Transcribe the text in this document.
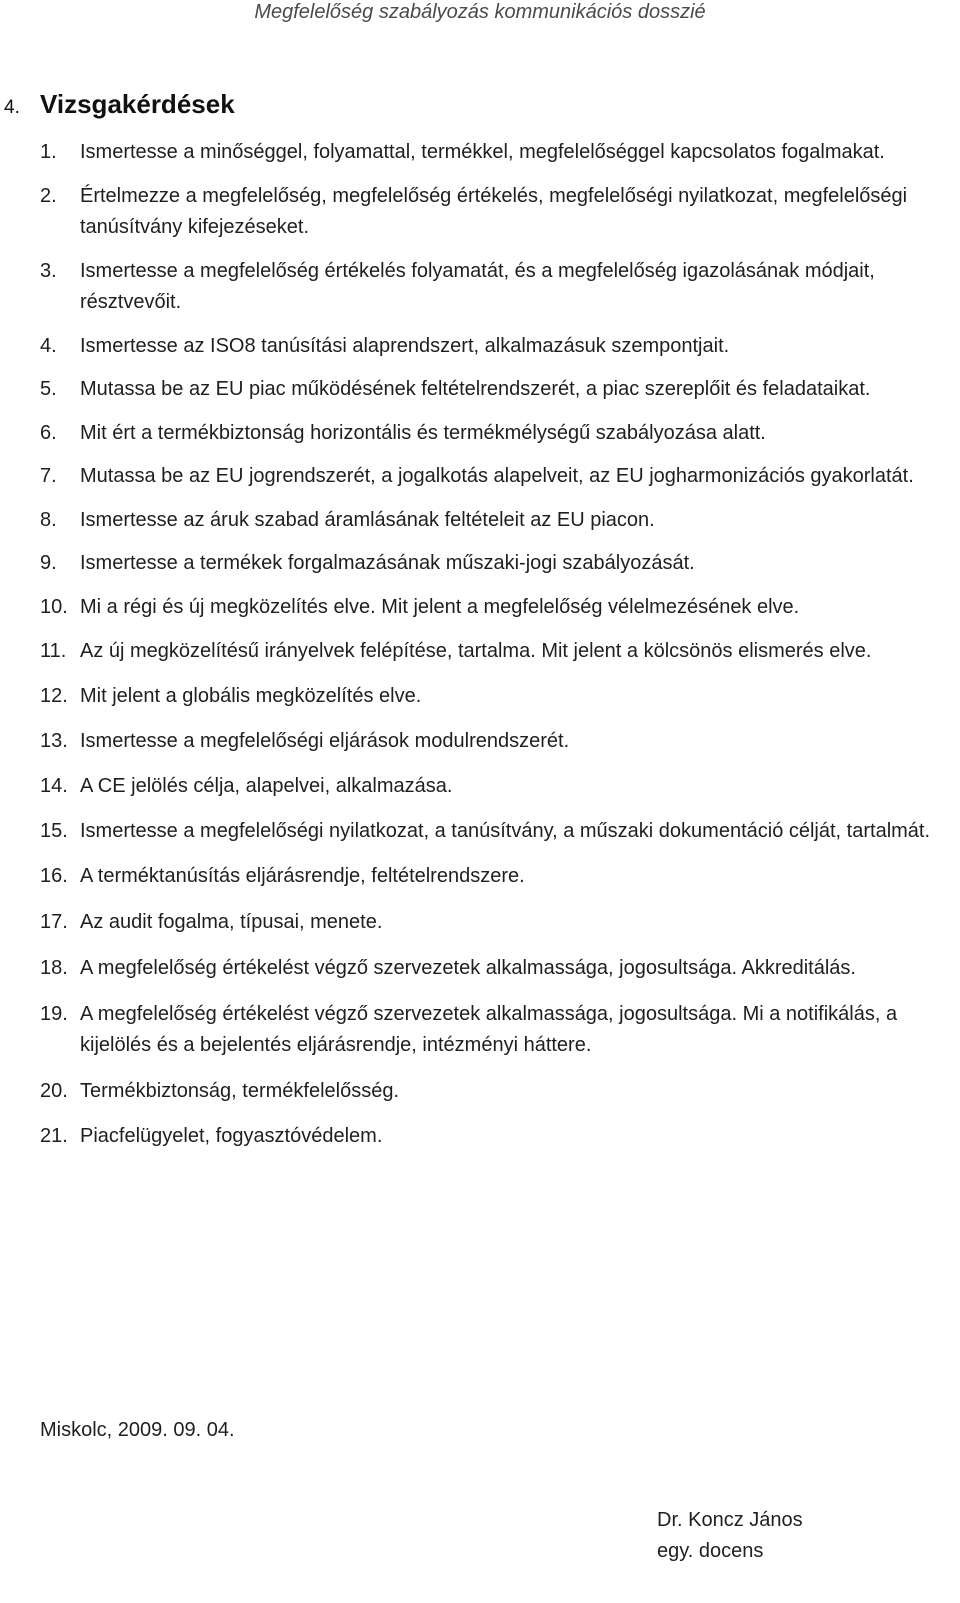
Megfelelőség szabályozás kommunikációs dosszié
4. Vizsgakérdések
1.	Ismertesse a minőséggel, folyamattal, termékkel, megfelelőséggel kapcsolatos fogalmakat.
2.	Értelmezze a megfelelőség, megfelelőség értékelés, megfelelőségi nyilatkozat, megfelelőségi tanúsítvány kifejezéseket.
3.	Ismertesse a megfelelőség értékelés folyamatát, és a megfelelőség igazolásának módjait, résztvevőit.
4.	Ismertesse az ISO8 tanúsítási alaprendszert, alkalmazásuk szempontjait.
5.	Mutassa be az EU piac működésének feltételrendszerét, a piac szereplőit és feladataikat.
6.	Mit ért a termékbiztonság horizontális és termékmélységű szabályozása alatt.
7.	Mutassa be az EU jogrendszerét, a jogalkotás alapelveit, az EU jogharmonizációs gyakorlatát.
8.	Ismertesse az áruk szabad áramlásának feltételeit az EU piacon.
9.	Ismertesse a termékek forgalmazásának műszaki-jogi szabályozását.
10. Mi a régi és új megközelítés elve. Mit jelent a megfelelőség vélelmezésének elve.
11. Az új megközelítésű irányelvek felépítése, tartalma. Mit jelent a kölcsönös elismerés elve.
12. Mit jelent a globális megközelítés elve.
13. Ismertesse a megfelelőségi eljárások modulrendszerét.
14. A CE jelölés célja, alapelvei, alkalmazása.
15. Ismertesse a megfelelőségi nyilatkozat, a tanúsítvány, a műszaki dokumentáció célját, tartalmát.
16. A terméktanúsítás eljárásrendje, feltételrendszere.
17. Az audit fogalma, típusai, menete.
18. A megfelelőség értékelést végző szervezetek alkalmassága, jogosultsága. Akkreditálás.
19. A megfelelőség értékelést végző szervezetek alkalmassága, jogosultsága. Mi a notifikálás, a kijelölés és a bejelentés eljárásrendje, intézményi háttere.
20. Termékbiztonság, termékfelelősség.
21. Piacfelügyelet, fogyasztóvédelem.
Miskolc, 2009. 09. 04.
Dr. Koncz János
egy. docens
